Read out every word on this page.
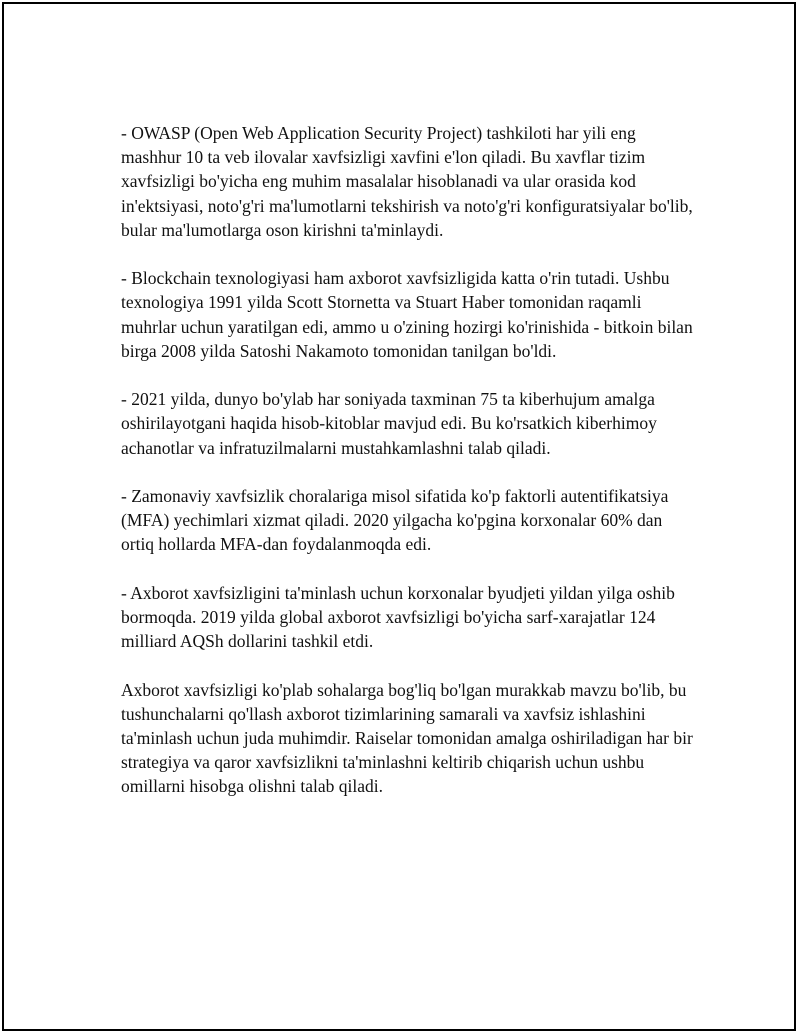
- OWASP (Open Web Application Security Project) tashkiloti har yili eng mashhur 10 ta veb ilovalar xavfsizligi xavfini e'lon qiladi. Bu xavflar tizim xavfsizligi bo'yicha eng muhim masalalar hisoblanadi va ular orasida kod in'ektsiyasi, noto'g'ri ma'lumotlarni tekshirish va noto'g'ri konfiguratsiyalar bo'lib, bular ma'lumotlarga oson kirishni ta'minlaydi.

- Blockchain texnologiyasi ham axborot xavfsizligida katta o'rin tutadi. Ushbu texnologiya 1991 yilda Scott Stornetta va Stuart Haber tomonidan raqamli muhrlar uchun yaratilgan edi, ammo u o'zining hozirgi ko'rinishida - bitkoin bilan birga 2008 yilda Satoshi Nakamoto tomonidan tanilgan bo'ldi.

- 2021 yilda, dunyo bo'ylab har soniyada taxminan 75 ta kiberhujum amalga oshirilayotgani haqida hisob-kitoblar mavjud edi. Bu ko'rsatkich kiberhimoy achanotlar va infratuzilmalarni mustahkamlashni talab qiladi.

- Zamonaviy xavfsizlik choralariga misol sifatida ko'p faktorli autentifikatsiya (MFA) yechimlari xizmat qiladi. 2020 yilgacha ko'pgina korxonalar 60% dan ortiq hollarda MFA-dan foydalanmoqda edi.

- Axborot xavfsizligini ta'minlash uchun korxonalar byudjeti yildan yilga oshib bormoqda. 2019 yilda global axborot xavfsizligi bo'yicha sarf-xarajatlar 124 milliard AQSh dollarini tashkil etdi.

Axborot xavfsizligi ko'plab sohalarga bog'liq bo'lgan murakkab mavzu bo'lib, bu tushunchalarni qo'llash axborot tizimlarining samarali va xavfsiz ishlashini ta'minlash uchun juda muhimdir. Raiselar tomonidan amalga oshiriladigan har bir strategiya va qaror xavfsizlikni ta'minlashni keltirib chiqarish uchun ushbu omillarni hisobga olishni talab qiladi.
